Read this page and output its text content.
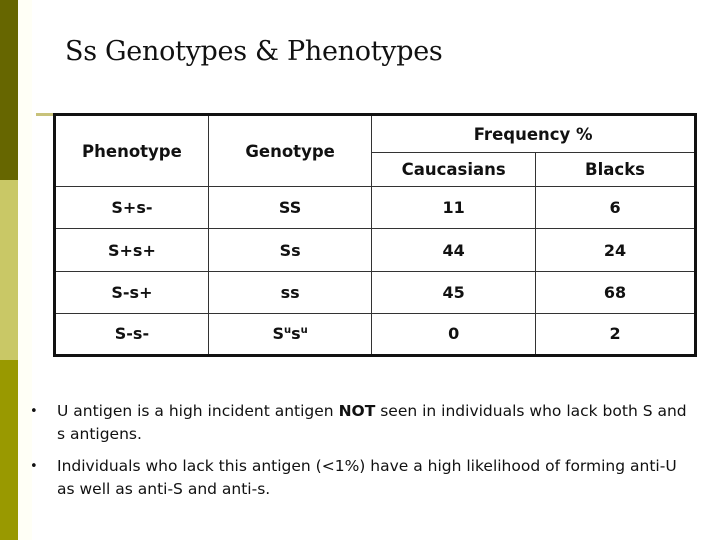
Ss Genotypes & Phenotypes
Phenotype	Genotype	Frequency %	
		Caucasians	Blacks
S+s-	SS	11	6
S+s+	Ss	44	24
S-s+	ss	45	68
S-s-	$S^us^u$	0	2
• U antigen is a high incident antigen NOT seen in individuals who lack both S and s antigens.
• Individuals who lack this antigen (<1%) have a high likelihood of forming anti-U as well as anti-S and anti-s.
